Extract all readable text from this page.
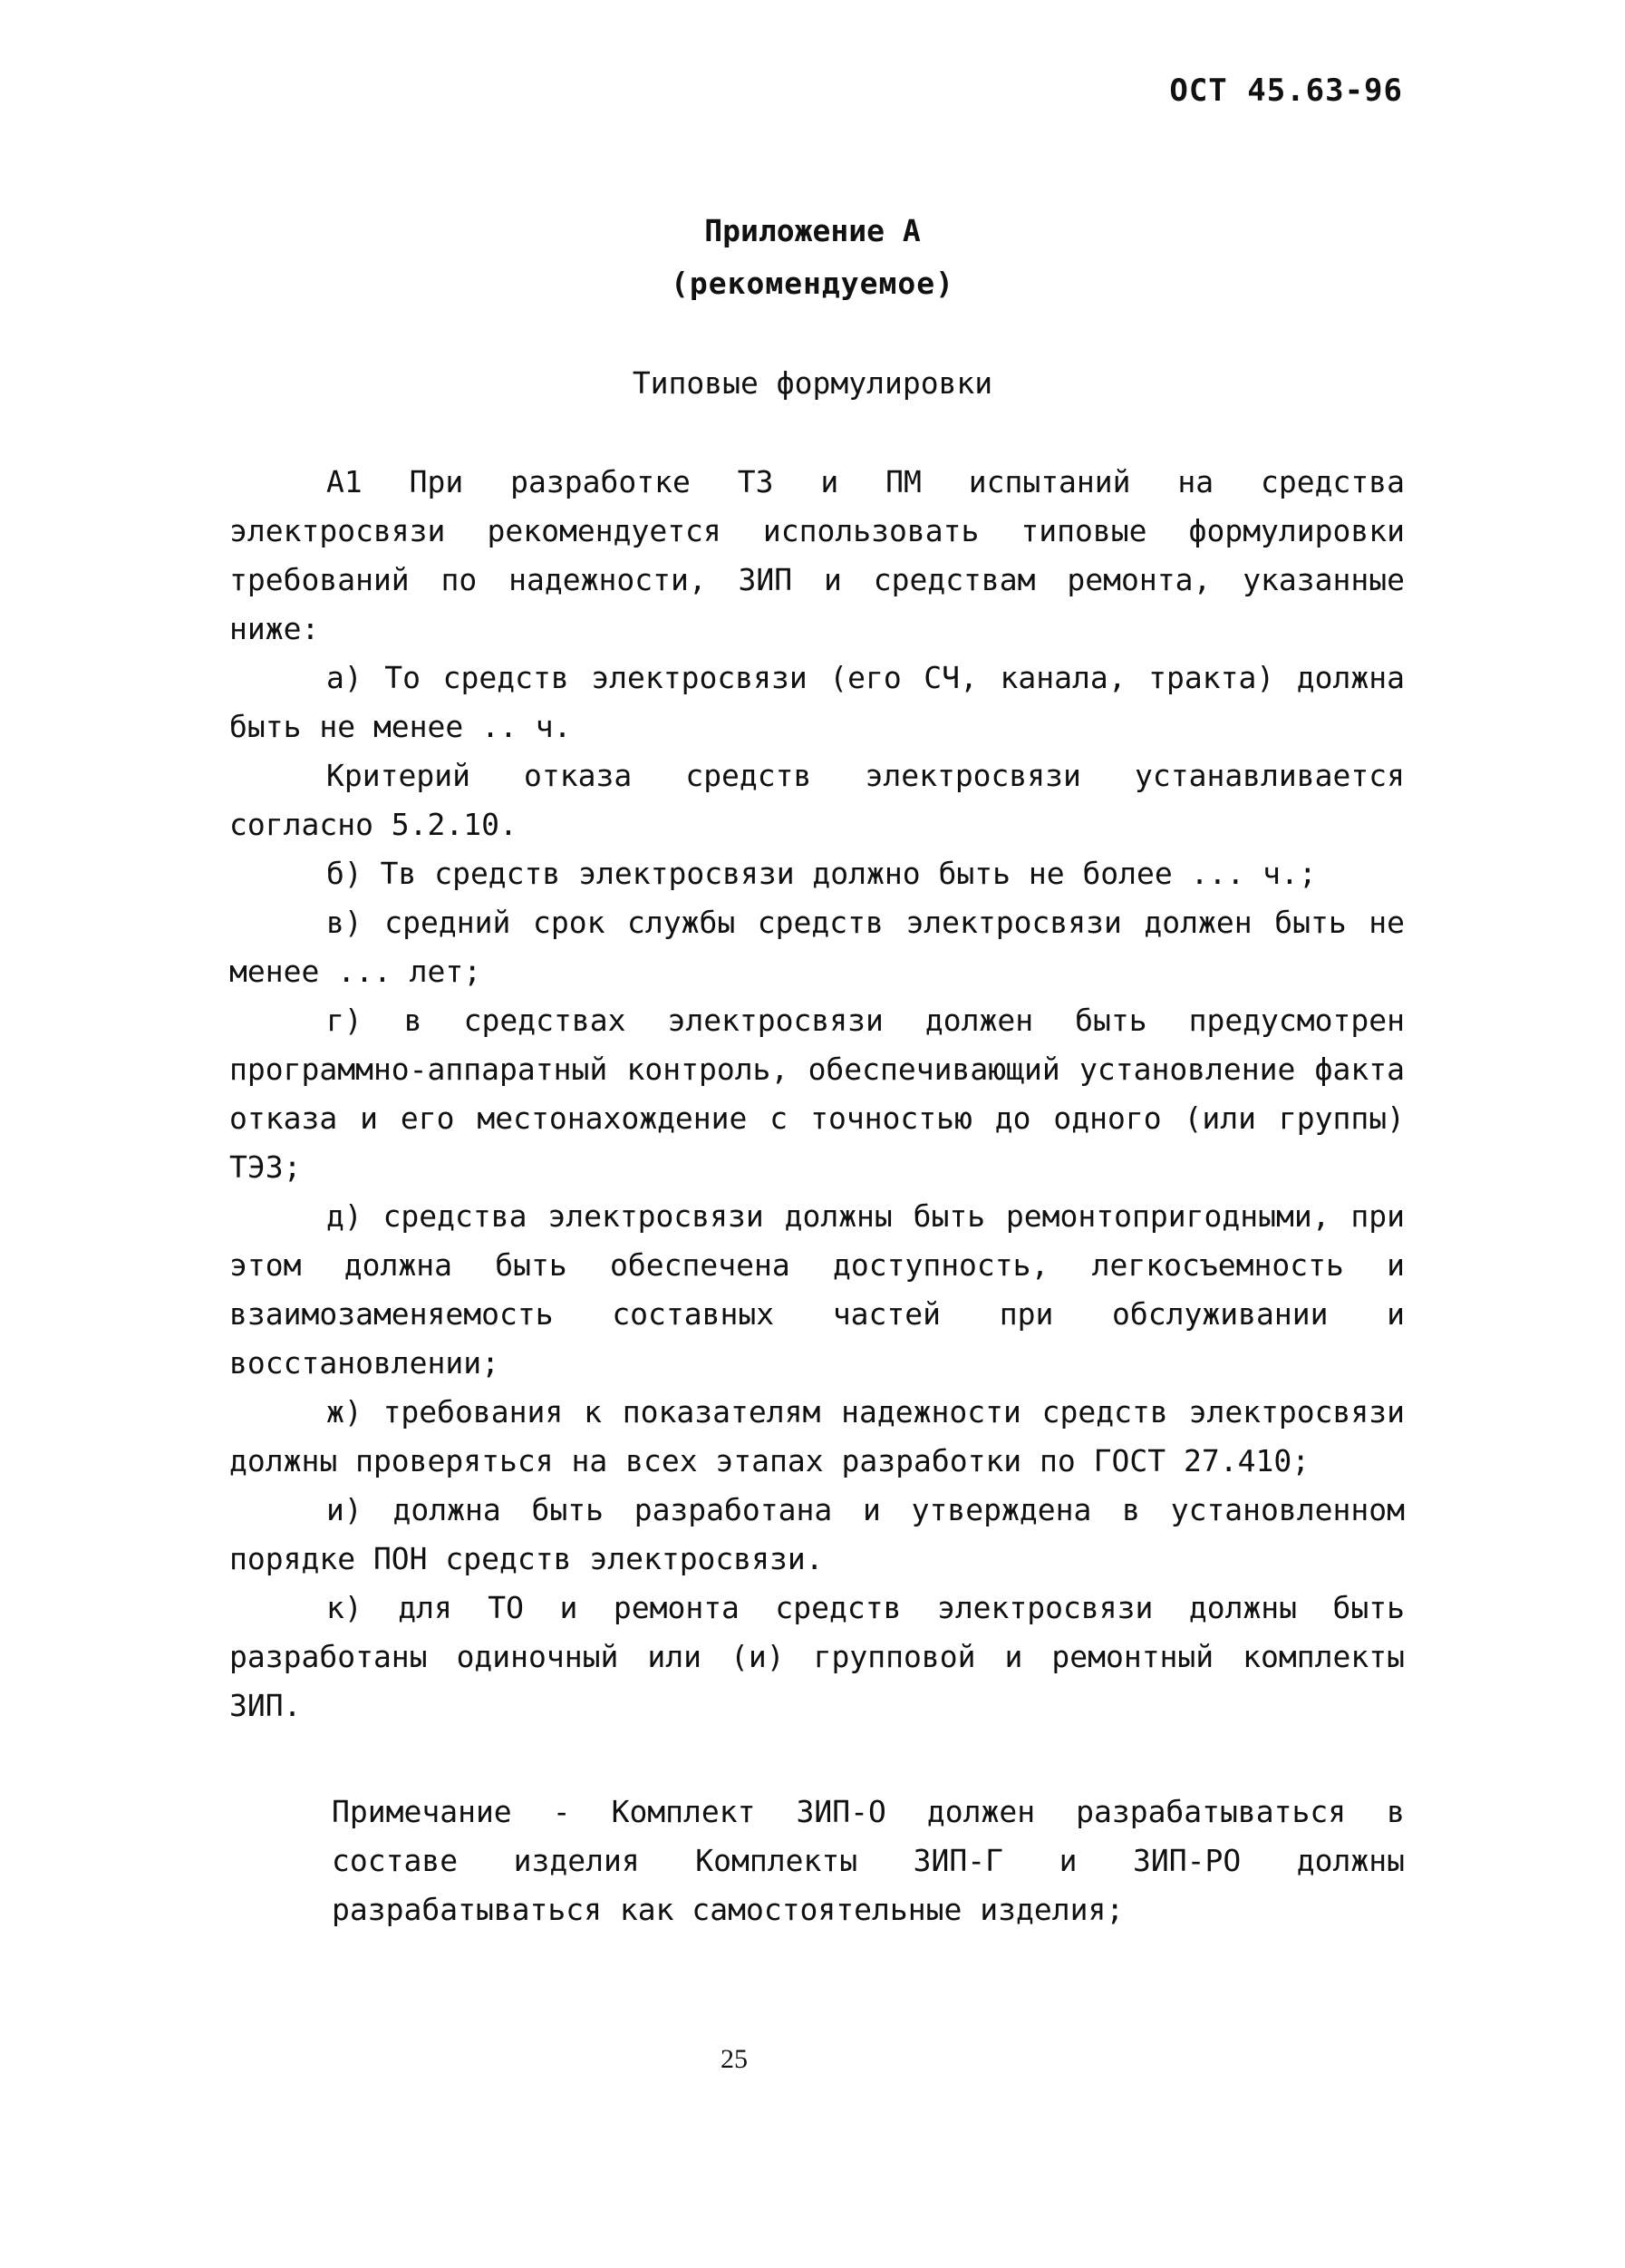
ОСТ 45.63-96
Приложение А
(рекомендуемое)
Типовые формулировки

А1 При разработке ТЗ и ПМ испытаний на средства электросвязи рекомендуется использовать типовые формулировки требований по надежности, ЗИП и средствам ремонта, указанные ниже:

а) То средств электросвязи (его СЧ, канала, тракта) должна быть не менее .. ч.

Критерий отказа средств электросвязи устанавливается согласно 5.2.10.

б) Тв средств электросвязи должно быть не более ... ч.;

в) средний срок службы средств электросвязи должен быть не менее ... лет;

г) в средствах электросвязи должен быть предусмотрен программно-аппаратный контроль, обеспечивающий установление факта отказа и его местонахождение с точностью до одного (или группы) ТЭЗ;

д) средства электросвязи должны быть ремонтопригодными, при этом должна быть обеспечена доступность, легкосъемность и взаимозаменяемость составных частей при обслуживании и восстановлении;

ж) требования к показателям надежности средств электросвязи должны проверяться на всех этапах разработки по ГОСТ 27.410;

и) должна быть разработана и утверждена в установленном порядке ПОН средств электросвязи.

к) для ТО и ремонта средств электросвязи должны быть разработаны одиночный или (и) групповой и ремонтный комплекты ЗИП.

Примечание - Комплект ЗИП-О должен разрабатываться в составе изделия Комплекты ЗИП-Г и ЗИП-РО должны разрабатываться как самостоятельные изделия;
25
